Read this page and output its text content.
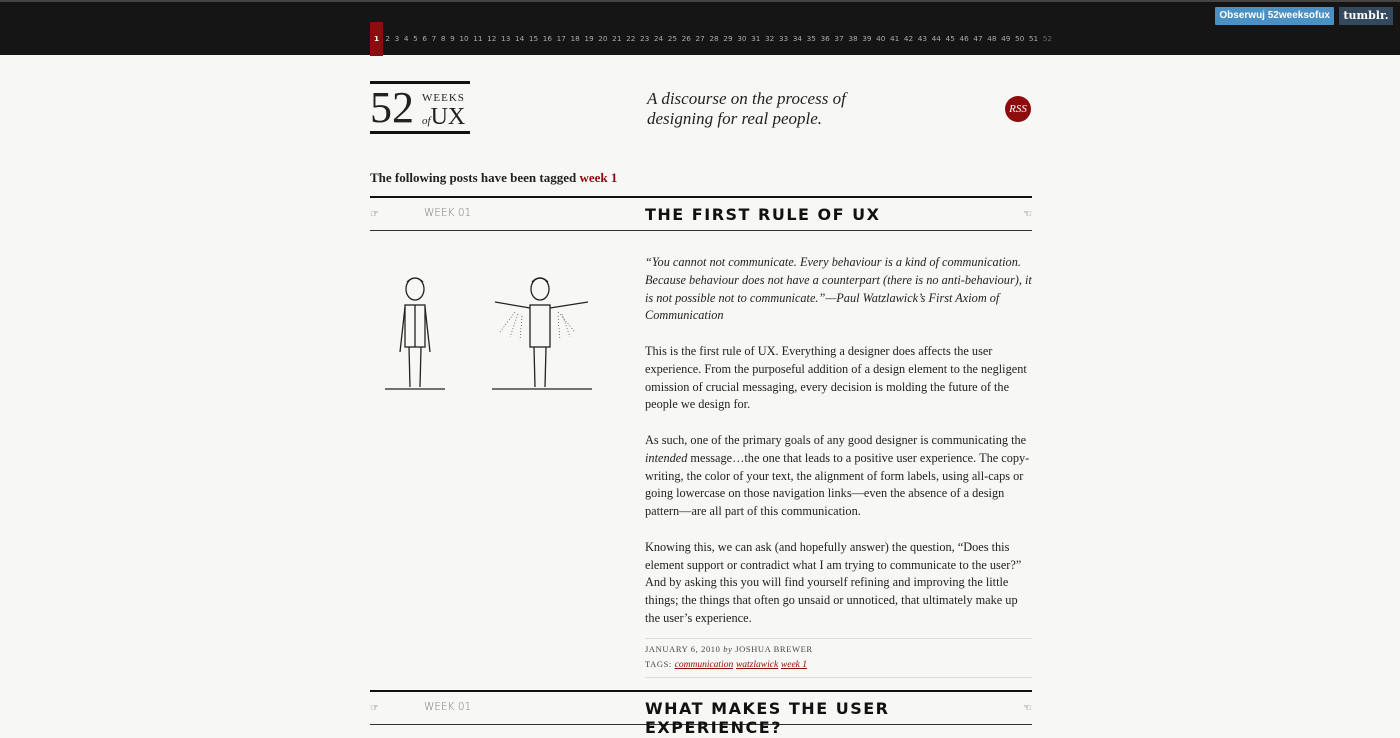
1 2 3 4 5 6 7 8 9 10 11 12 13 14 15 16 17 18 19 20 21 22 23 24 25 26 27 28 29 30 31 32 33 34 35 36 37 38 39 40 41 42 43 44 45 46 47 48 49 50 51 52
Obserwuj 52weeksofux	tumblr.
52 WEEKS
ofUX
A discourse on the process of
designing for real people.	RSS
The following posts have been tagged week 1
☞	WEEK 01	THE FIRST RULE OF UX	☜

“You cannot not communicate. Every behaviour is a kind of communication. Because behaviour does not have a counterpart (there is no anti-behaviour), it is not possible not to communicate.”—Paul Watzlawick’s First Axiom of Communication

This is the first rule of UX. Everything a designer does affects the user experience. From the purposeful addition of a design element to the negligent omission of crucial messaging, every decision is molding the future of the people we design for.

As such, one of the primary goals of any good designer is communicating the intended message…the one that leads to a positive user experience. The copy-writing, the color of your text, the alignment of form labels, using all-caps or going lowercase on those navigation links—even the absence of a design pattern—are all part of this communication.

Knowing this, we can ask (and hopefully answer) the question, “Does this element support or contradict what I am trying to communicate to the user?” And by asking this you will find yourself refining and improving the little things; the things that often go unsaid or unnoticed, that ultimately make up the user’s experience.

JANUARY 6, 2010 by JOSHUA BREWER
TAGS: communication watzlawick week 1
☞	WEEK 01	WHAT MAKES THE USER EXPERIENCE?
☜
